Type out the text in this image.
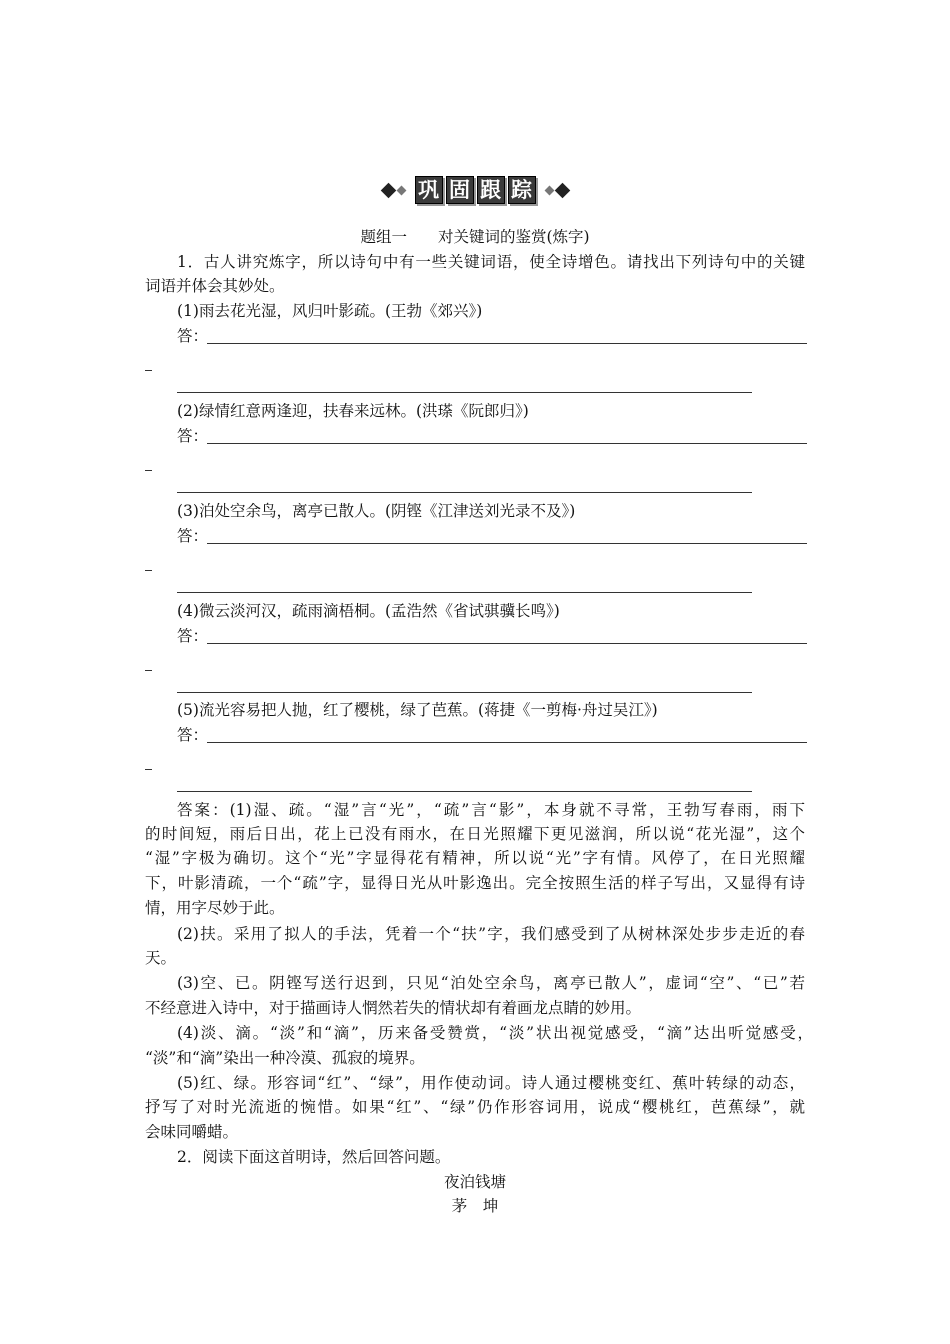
巩 固 跟 踪
题组一　　对关键词的鉴赏(炼字)
1．古人讲究炼字，所以诗句中有一些关键词语，使全诗增色。请找出下列诗句中的关键
词语并体会其妙处。
(1)雨去花光湿，风归叶影疏。(王勃《郊兴》)
答：
(2)绿情红意两逢迎，扶春来远林。(洪瑹《阮郎归》)
答：
(3)泊处空余鸟，离亭已散人。(阴铿《江津送刘光录不及》)
答：
(4)微云淡河汉，疏雨滴梧桐。(孟浩然《省试骐骥长鸣》)
答：
(5)流光容易把人抛，红了樱桃，绿了芭蕉。(蒋捷《一剪梅·舟过吴江》)
答：
答案：(1)湿、疏。“湿”言“光”，“疏”言“影”，本身就不寻常，王勃写春雨，雨下
的时间短，雨后日出，花上已没有雨水，在日光照耀下更见滋润，所以说“花光湿”，这个
“湿”字极为确切。这个“光”字显得花有精神，所以说“光”字有情。风停了，在日光照耀
下，叶影清疏，一个“疏”字，显得日光从叶影逸出。完全按照生活的样子写出，又显得有诗
情，用字尽妙于此。
(2)扶。采用了拟人的手法，凭着一个“扶”字，我们感受到了从树林深处步步走近的春
天。
(3)空、已。阴铿写送行迟到，只见“泊处空余鸟，离亭已散人”，虚词“空”、“已”若
不经意进入诗中，对于描画诗人惘然若失的情状却有着画龙点睛的妙用。
(4)淡、滴。“淡”和“滴”，历来备受赞赏，“淡”状出视觉感受，“滴”达出听觉感受，
“淡”和“滴”染出一种冷漠、孤寂的境界。
(5)红、绿。形容词“红”、“绿”，用作使动词。诗人通过樱桃变红、蕉叶转绿的动态，
抒写了对时光流逝的惋惜。如果“红”、“绿”仍作形容词用，说成“樱桃红，芭蕉绿”，就
会味同嚼蜡。
2．阅读下面这首明诗，然后回答问题。
夜泊钱塘
茅　坤
